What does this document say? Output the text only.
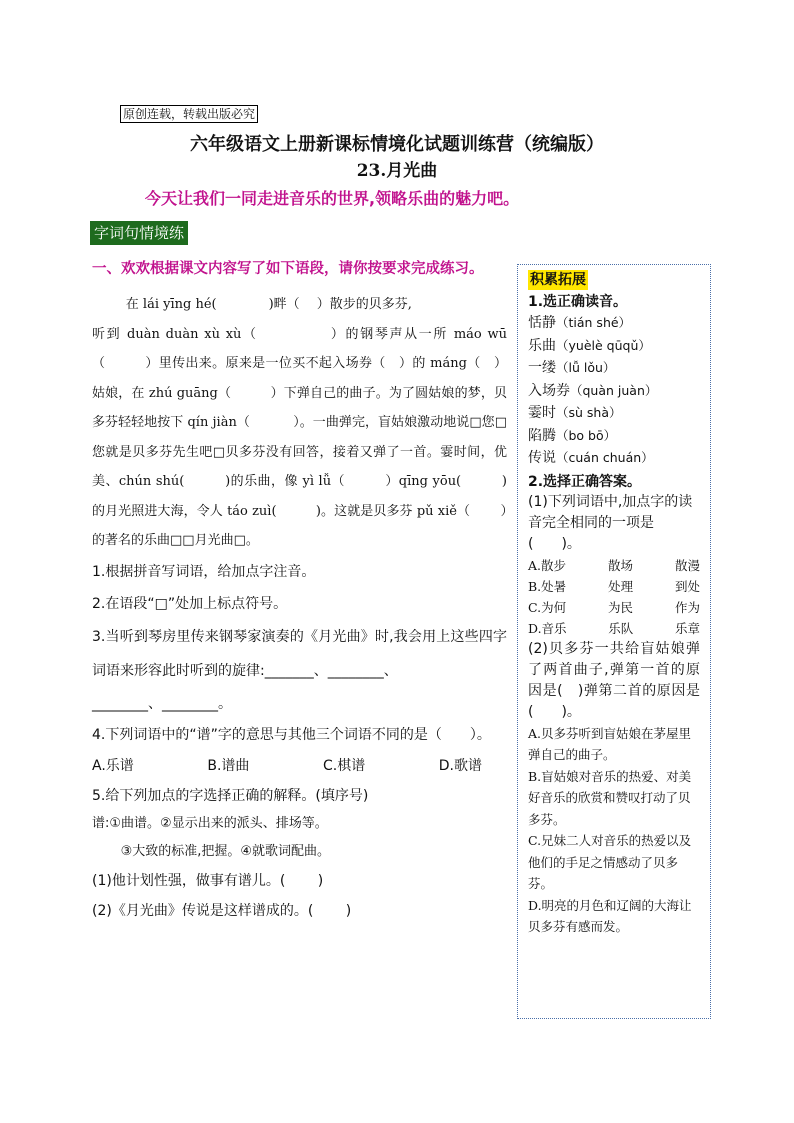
原创连载，转载出版必究
六年级语文上册新课标情境化试题训练营（统编版）
23.月光曲
今天让我们一同走进音乐的世界,领略乐曲的魅力吧。
字词句情境练
一、欢欢根据课文内容写了如下语段，请你按要求完成练习。

在 lái yīng hé(　　　　)畔（　 ）散步的贝多芬,

听到 duàn duàn xù xù（　　　　　）的钢琴声从一所 máo wū（　　　）里传出来。原来是一位买不起入场券（　）的 máng（　）姑娘，在 zhú guāng（　　　）下弹自己的曲子。为了圆姑娘的梦，贝多芬轻轻地按下 qín jiàn（　　　 ）。一曲弹完，盲姑娘激动地说□您□您就是贝多芬先生吧□贝多芬没有回答，接着又弹了一首。霎时间，优美、chún shú(　　　)的乐曲，像 yì lǚ（　　　）qīng yōu(　　　)的月光照进大海，令人 táo zuì(　　　)。这就是贝多芬 pǔ xiě（　　 ）的著名的乐曲□□月光曲□。

1.根据拼音写词语，给加点字注音。

2.在语段“□”处加上标点符号。

3.当听到琴房里传来钢琴家演奏的《月光曲》时,我会用上这些四字词语来形容此时听到的旋律:_______、________、

________、________。

4.下列词语中的“谱”字的意思与其他三个词语不同的是（　　）。

A.乐谱	B.谱曲	C.棋谱	D.歌谱

5.给下列加点的字选择正确的解释。(填序号)

谱:①曲谱。②显示出来的派头、排场等。

③大致的标准,把握。④就歌词配曲。

(1)他计划性强，做事有谱儿。(　　 )

(2)《月光曲》传说是这样谱成的。(　　 )

积累拓展
1.选正确读音。
恬静（tián shé）
乐曲（yuèlè qūqǔ）
一缕（lǚ lǒu）
入场券（quàn juàn）
霎时（sù shà）
陷腾（bo bō）
传说（cuán chuán）
2.选择正确答案。
(1)下列词语中,加点字的读音完全相同的一项是(　　)。
A.散步	散场	散漫
B.处暑	处理	到处
C.为何	为民	作为
D.音乐	乐队	乐章
(2)贝多芬一共给盲姑娘弹了两首曲子,弹第一首的原因是(　)弹第二首的原因是(　　)。
A.贝多芬听到盲姑娘在茅屋里弹自己的曲子。
B.盲姑娘对音乐的热爱、对美好音乐的欣赏和赞叹打动了贝多芬。
C.兄妹二人对音乐的热爱以及他们的手足之情感动了贝多芬。
D.明亮的月色和辽阔的大海让贝多芬有感而发。
